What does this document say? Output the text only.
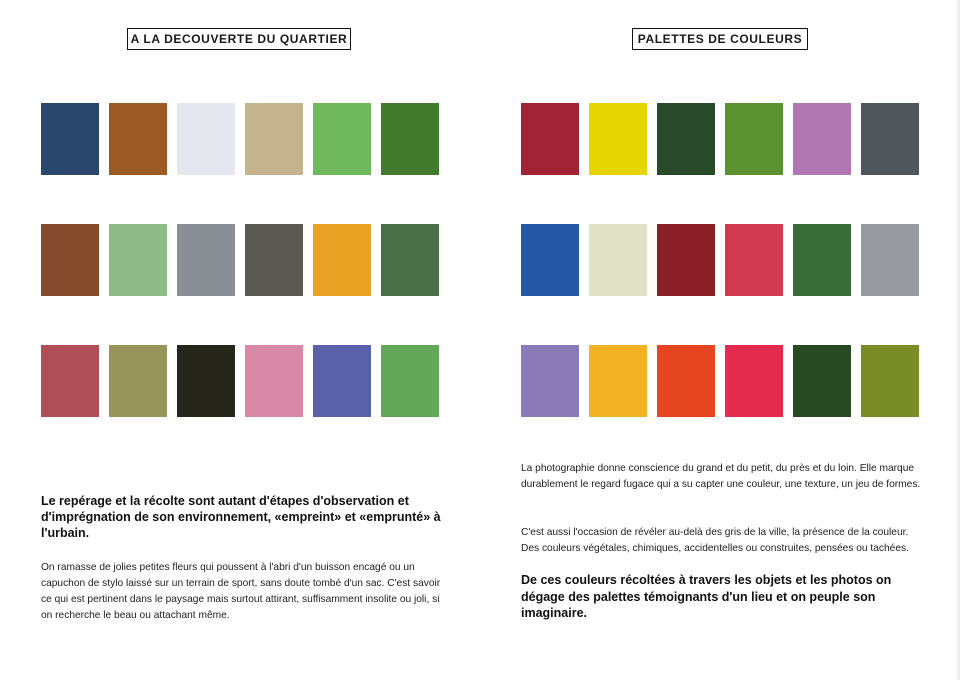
A LA DECOUVERTE DU QUARTIER
Le repérage et la récolte sont autant d'étapes d'observation et d'imprégnation de son environnement, «empreint» et «emprunté» à l'urbain.
On ramasse de jolies petites fleurs qui poussent à l'abri d'un buisson encagé ou un capuchon de stylo laissé sur un terrain de sport, sans doute tombé d'un sac. C'est savoir ce qui est pertinent dans le paysage mais surtout attirant, suffisamment insolite ou joli, si on recherche le beau ou attachant même.
PALETTES DE COULEURS
La photographie donne conscience du grand et du petit, du près et du loin. Elle marque durablement le regard fugace qui a su capter une couleur, une texture, un jeu de formes.
C'est aussi l'occasion de révéler au-delà des gris de la ville, la présence de la couleur. Des couleurs végétales, chimiques, accidentelles ou construites, pensées ou tachées.
De ces couleurs récoltées à travers les objets et les photos on dégage des palettes témoignants d'un lieu et on peuple son imaginaire.
